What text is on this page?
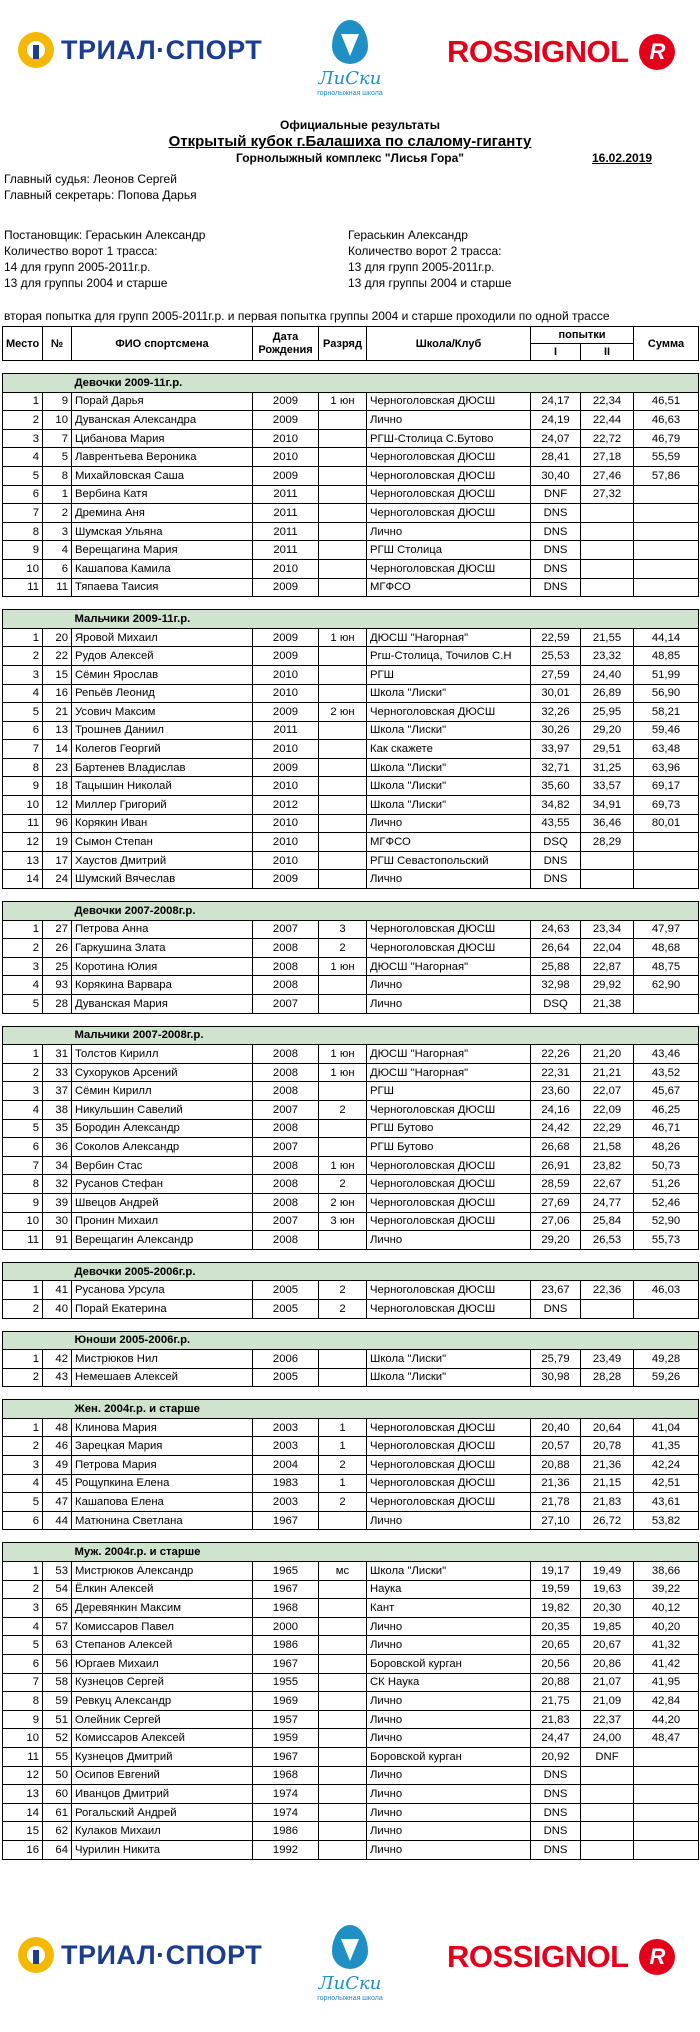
ТРИАЛ·СПОРТ
ЛиСки
горнолыжная школа
ROSSIGNOL
R
Официальные результаты
Открытый кубок г.Балашиха по слалому-гиганту
Горнолыжный комплекс "Лисья Гора"	16.02.2019
Главный судья: Леонов Сергей
Главный секретарь: Попова Дарья
Постановщик: Гераськин Александр
Количество ворот 1 трасса:
14 для групп 2005-2011г.р.
13 для группы 2004 и старше
Гераськин Александр
Количество ворот 2 трасса:
13 для групп 2005-2011г.р.
13 для группы 2004 и старше
вторая попытка для групп 2005-2011г.р. и первая попытка группы 2004 и старше проходили по одной трассе
Место	№	ФИО спортсмена	Дата Рождения	Разряд	Школа/Клуб	попытки		Сумма
						I	II	

		Девочки 2009-11г.р.						
1	9	Порай Дарья	2009	1 юн	Черноголовская ДЮСШ	24,17	22,34	46,51
2	10	Дуванская Александра	2009		Лично	24,19	22,44	46,63
3	7	Цибанова Мария	2010		РГШ-Столица С.Бутово	24,07	22,72	46,79
4	5	Лаврентьева Вероника	2010		Черноголовская ДЮСШ	28,41	27,18	55,59
5	8	Михайловская Саша	2009		Черноголовская ДЮСШ	30,40	27,46	57,86
6	1	Вербина Катя	2011		Черноголовская ДЮСШ	DNF	27,32	
7	2	Дремина Аня	2011		Черноголовская ДЮСШ	DNS		
8	3	Шумская Ульяна	2011		Лично	DNS		
9	4	Верещагина Мария	2011		РГШ Столица	DNS		
10	6	Кашапова Камила	2010		Черноголовская ДЮСШ	DNS		
11	11	Тяпаева Таисия	2009		МГФСО	DNS		

		Мальчики 2009-11г.р.						
1	20	Яровой Михаил	2009	1 юн	ДЮСШ "Нагорная"	22,59	21,55	44,14
2	22	Рудов Алексей	2009		Ргш-Столица, Точилов С.Н	25,53	23,32	48,85
3	15	Сёмин Ярослав	2010		РГШ	27,59	24,40	51,99
4	16	Репьёв Леонид	2010		Школа "Лиски"	30,01	26,89	56,90
5	21	Усович Максим	2009	2 юн	Черноголовская ДЮСШ	32,26	25,95	58,21
6	13	Трошнев Даниил	2011		Школа "Лиски"	30,26	29,20	59,46
7	14	Колегов Георгий	2010		Как скажете	33,97	29,51	63,48
8	23	Бартенев Владислав	2009		Школа "Лиски"	32,71	31,25	63,96
9	18	Тацышин Николай	2010		Школа "Лиски"	35,60	33,57	69,17
10	12	Миллер Григорий	2012		Школа "Лиски"	34,82	34,91	69,73
11	96	Корякин Иван	2010		Лично	43,55	36,46	80,01
12	19	Сымон Степан	2010		МГФСО	DSQ	28,29	
13	17	Хаустов Дмитрий	2010		РГШ Севастопольский	DNS		
14	24	Шумский Вячеслав	2009		Лично	DNS		

		Девочки 2007-2008г.р.						
1	27	Петрова Анна	2007	3	Черноголовская ДЮСШ	24,63	23,34	47,97
2	26	Гаркушина Злата	2008	2	Черноголовская ДЮСШ	26,64	22,04	48,68
3	25	Коротина Юлия	2008	1 юн	ДЮСШ "Нагорная"	25,88	22,87	48,75
4	93	Корякина Варвара	2008		Лично	32,98	29,92	62,90
5	28	Дуванская Мария	2007		Лично	DSQ	21,38	

		Мальчики 2007-2008г.р.						
1	31	Толстов Кирилл	2008	1 юн	ДЮСШ "Нагорная"	22,26	21,20	43,46
2	33	Сухоруков Арсений	2008	1 юн	ДЮСШ "Нагорная"	22,31	21,21	43,52
3	37	Сёмин Кирилл	2008		РГШ	23,60	22,07	45,67
4	38	Никульшин Савелий	2007	2	Черноголовская ДЮСШ	24,16	22,09	46,25
5	35	Бородин Александр	2008		РГШ Бутово	24,42	22,29	46,71
6	36	Соколов Александр	2007		РГШ Бутово	26,68	21,58	48,26
7	34	Вербин Стас	2008	1 юн	Черноголовская ДЮСШ	26,91	23,82	50,73
8	32	Русанов Стефан	2008	2	Черноголовская ДЮСШ	28,59	22,67	51,26
9	39	Швецов Андрей	2008	2 юн	Черноголовская ДЮСШ	27,69	24,77	52,46
10	30	Пронин Михаил	2007	3 юн	Черноголовская ДЮСШ	27,06	25,84	52,90
11	91	Верещагин Александр	2008		Лично	29,20	26,53	55,73

		Девочки 2005-2006г.р.						
1	41	Русанова Урсула	2005	2	Черноголовская ДЮСШ	23,67	22,36	46,03
2	40	Порай Екатерина	2005	2	Черноголовская ДЮСШ	DNS		

		Юноши 2005-2006г.р.						
1	42	Мистрюков Нил	2006		Школа "Лиски"	25,79	23,49	49,28
2	43	Немешаев Алексей	2005		Школа "Лиски"	30,98	28,28	59,26

		Жен. 2004г.р. и старше						
1	48	Клинова Мария	2003	1	Черноголовская ДЮСШ	20,40	20,64	41,04
2	46	Зарецкая Мария	2003	1	Черноголовская ДЮСШ	20,57	20,78	41,35
3	49	Петрова Мария	2004	2	Черноголовская ДЮСШ	20,88	21,36	42,24
4	45	Рощупкина Елена	1983	1	Черноголовская ДЮСШ	21,36	21,15	42,51
5	47	Кашапова Елена	2003	2	Черноголовская ДЮСШ	21,78	21,83	43,61
6	44	Матюнина Светлана	1967		Лично	27,10	26,72	53,82

		Муж. 2004г.р. и старше						
1	53	Мистрюков Александр	1965	мс	Школа "Лиски"	19,17	19,49	38,66
2	54	Ёлкин Алексей	1967		Наука	19,59	19,63	39,22
3	65	Деревянкин Максим	1968		Кант	19,82	20,30	40,12
4	57	Комиссаров Павел	2000		Лично	20,35	19,85	40,20
5	63	Степанов Алексей	1986		Лично	20,65	20,67	41,32
6	56	Юргаев Михаил	1967		Боровской курган	20,56	20,86	41,42
7	58	Кузнецов Сергей	1955		СК Наука	20,88	21,07	41,95
8	59	Ревкуц Александр	1969		Лично	21,75	21,09	42,84
9	51	Олейник Сергей	1957		Лично	21,83	22,37	44,20
10	52	Комиссаров Алексей	1959		Лично	24,47	24,00	48,47
11	55	Кузнецов Дмитрий	1967		Боровской курган	20,92	DNF	
12	50	Осипов Евгений	1968		Лично	DNS		
13	60	Иванцов Дмитрий	1974		Лично	DNS		
14	61	Рогальский Андрей	1974		Лично	DNS		
15	62	Кулаков Михаил	1986		Лично	DNS		
16	64	Чурилин Никита	1992		Лично	DNS		
ТРИАЛ·СПОРТ
ЛиСки
горнолыжная школа
ROSSIGNOL
R
